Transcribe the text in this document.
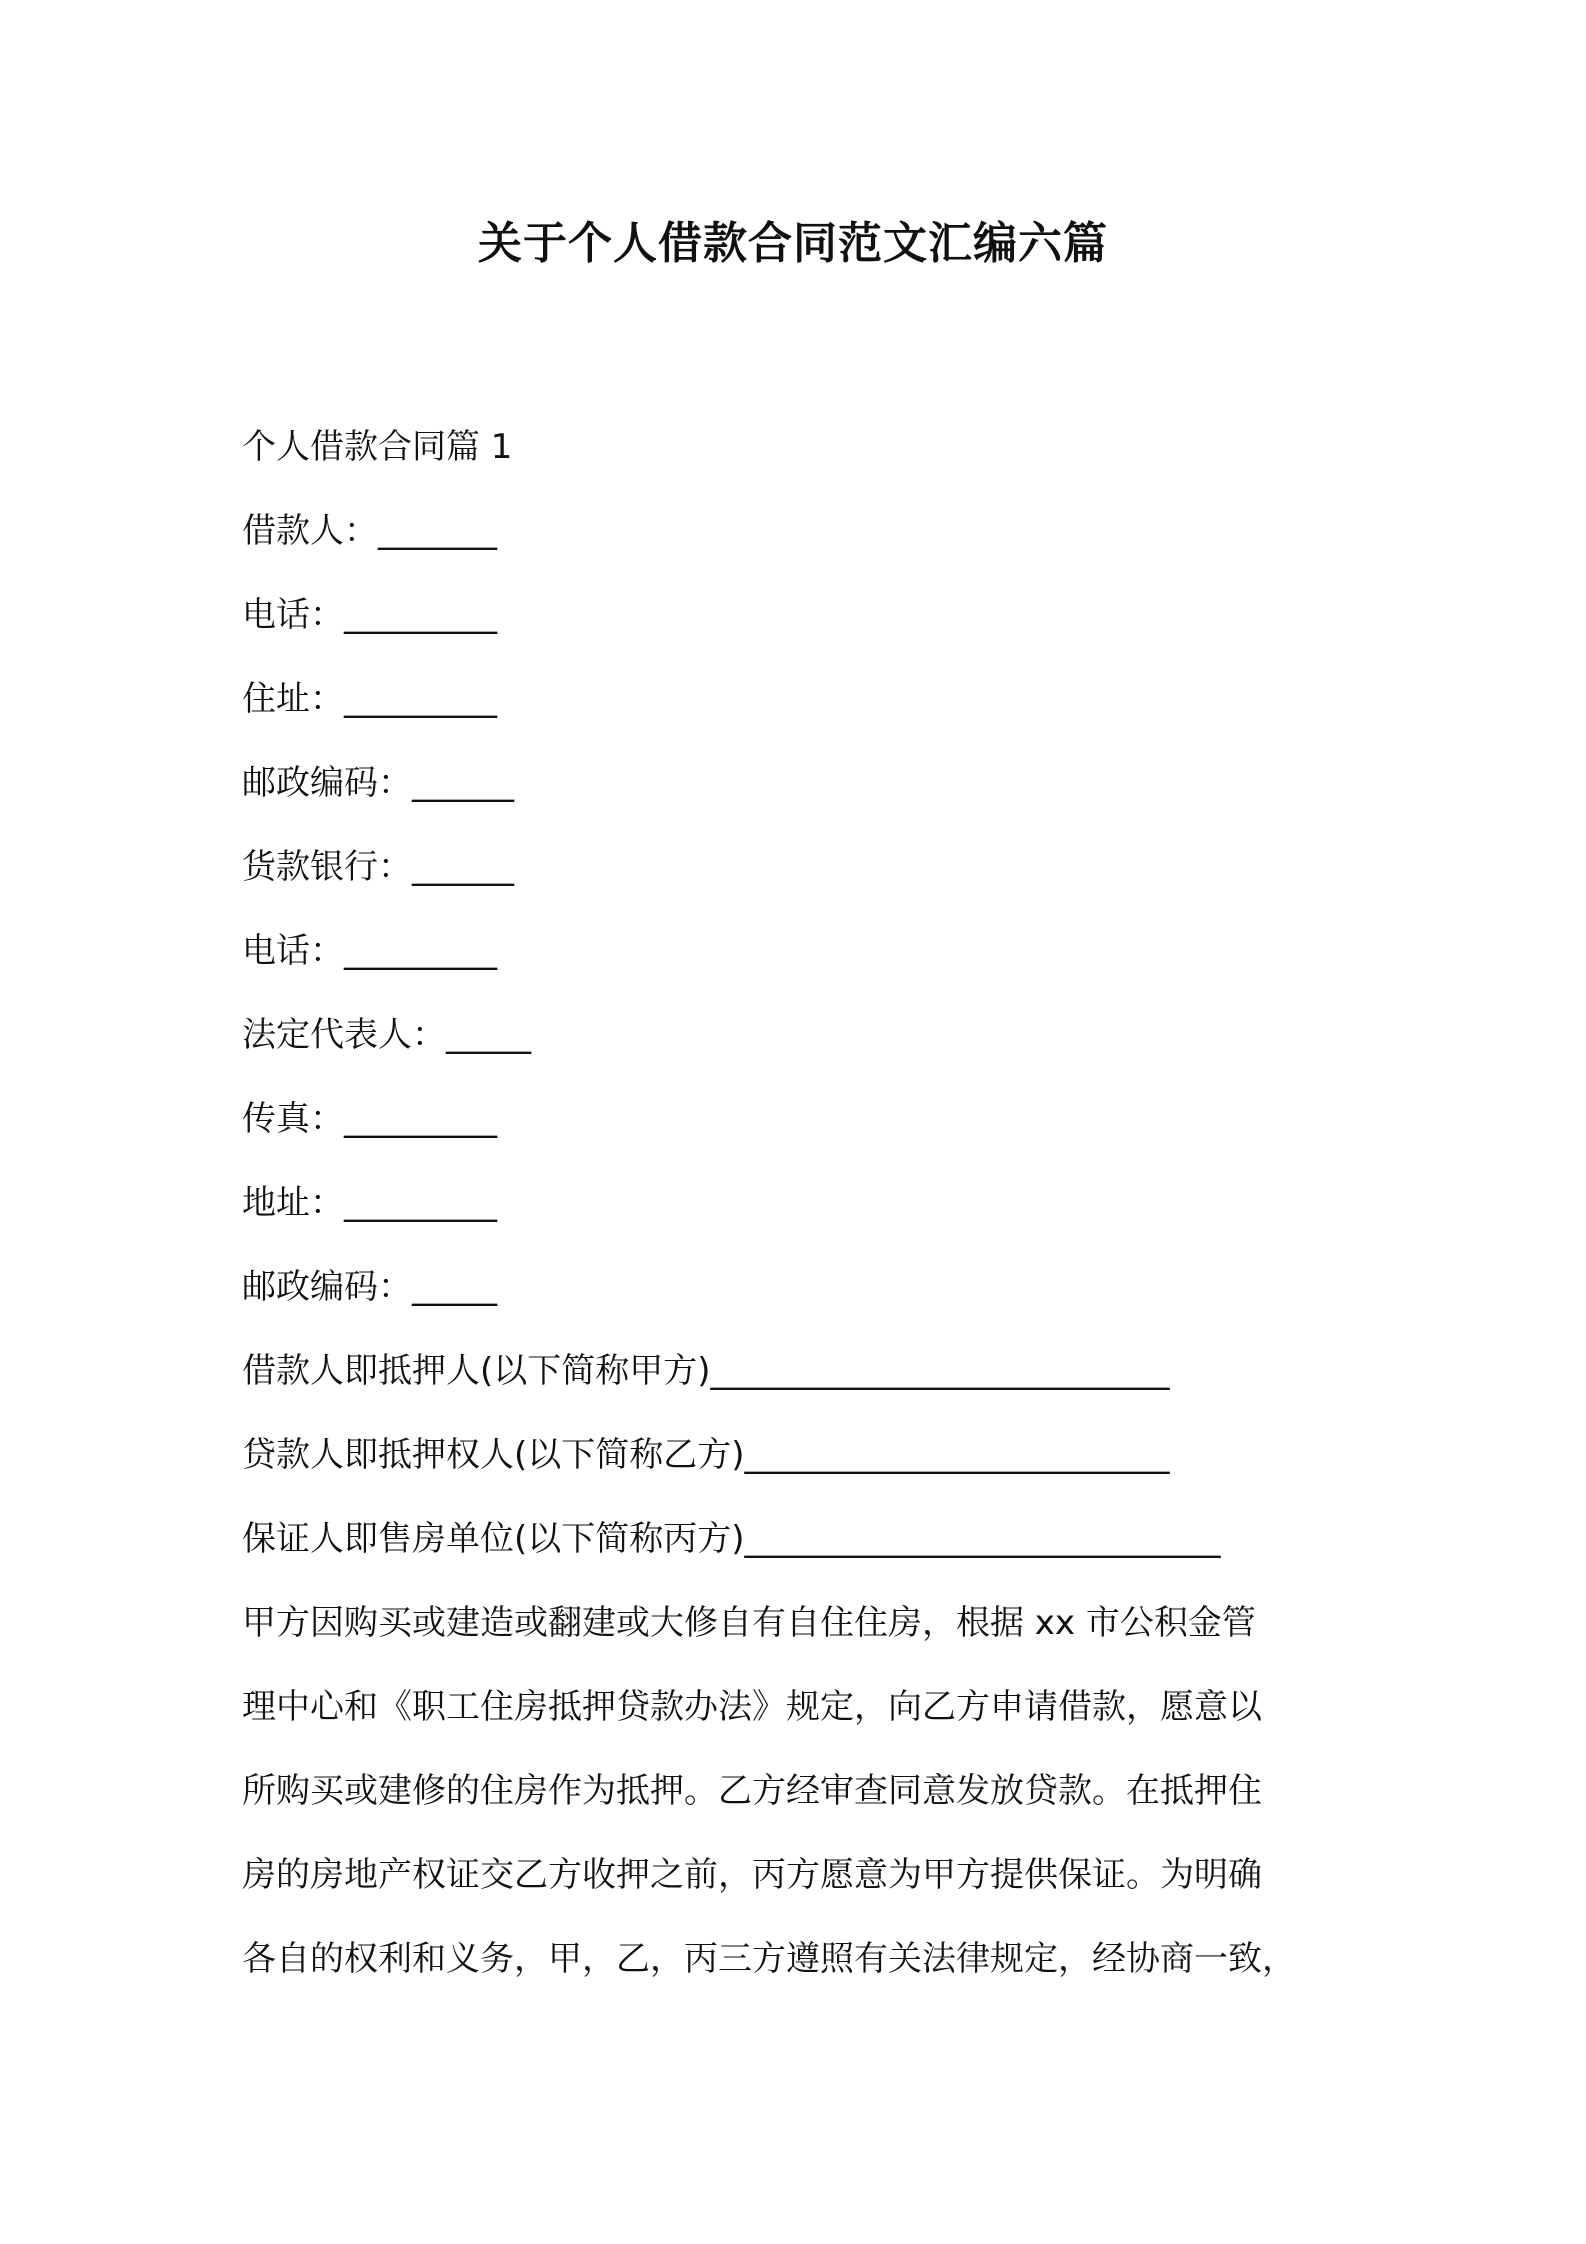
关于个人借款合同范文汇编六篇
个人借款合同篇 1
借款人：_______
电话：_________
住址：_________
邮政编码：______
货款银行：______
电话：_________
法定代表人：_____
传真：_________
地址：_________
邮政编码：_____
借款人即抵押人(以下简称甲方)___________________________
贷款人即抵押权人(以下简称乙方)_________________________
保证人即售房单位(以下简称丙方)____________________________
甲方因购买或建造或翻建或大修自有自住住房，根据 xx 市公积金管
理中心和《职工住房抵押贷款办法》规定，向乙方申请借款，愿意以
所购买或建修的住房作为抵押。乙方经审查同意发放贷款。在抵押住
房的房地产权证交乙方收押之前，丙方愿意为甲方提供保证。为明确
各自的权利和义务，甲，乙，丙三方遵照有关法律规定，经协商一致，
